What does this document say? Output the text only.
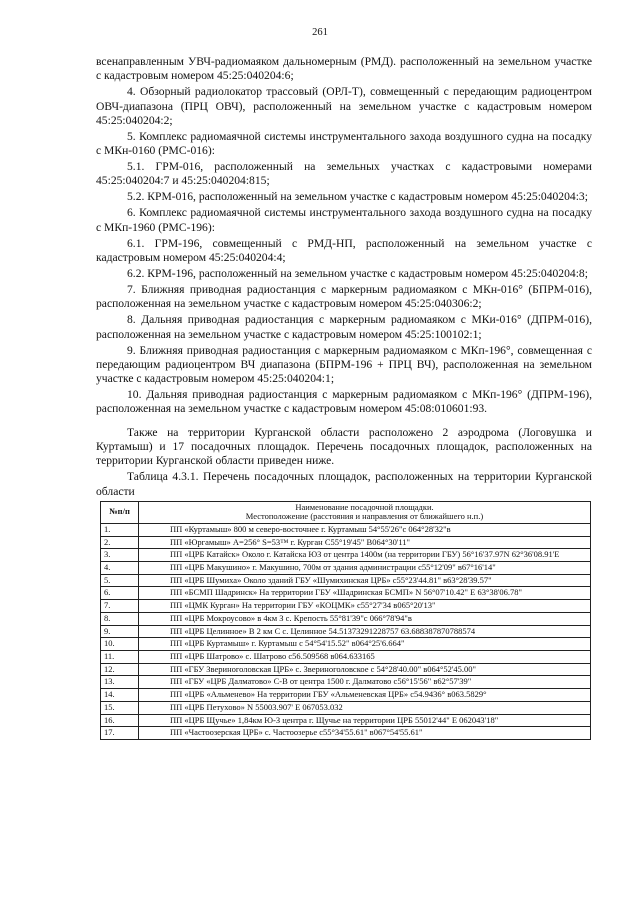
261

всенаправленным УВЧ-радиомаяком дальномерным (РМД). расположенный на земельном участке с кадастровым номером 45:25:040204:6;

4. Обзорный радиолокатор трассовый (ОРЛ-Т), совмещенный с передающим радиоцентром ОВЧ-диапазона (ПРЦ ОВЧ), расположенный на земельном участке с кадастровым номером 45:25:040204:2;

5. Комплекс радиомаячной системы инструментального захода воздушного судна на посадку с МКн-0160 (РМС-016):

5.1. ГРМ-016, расположенный на земельных участках с кадастровыми номерами 45:25:040204:7 и 45:25:040204:815;

5.2. КРМ-016, расположенный на земельном участке с кадастровым номером 45:25:040204:3;

6. Комплекс радиомаячной системы инструментального захода воздушного судна на посадку с МКп-1960 (РМС-196):

6.1. ГРМ-196, совмещенный с РМД-НП, расположенный на земельном участке с кадастровым номером 45:25:040204:4;

6.2. КРМ-196, расположенный на земельном участке с кадастровым номером 45:25:040204:8;

7. Ближняя приводная радиостанция с маркерным радиомаяком с МКн-016° (БПРМ-016), расположенная на земельном участке с кадастровым номером 45:25:040306:2;

8. Дальняя приводная радиостанция с маркерным радиомаяком с МКи-016° (ДПРМ-016), расположенная на земельном участке с кадастровым номером 45:25:100102:1;

9. Ближняя приводная радиостанция с маркерным радиомаяком с МКп-196°, совмещенная с передающим радиоцентром ВЧ диапазона (БПРМ-196 + ПРЦ ВЧ), расположенная на земельном участке с кадастровым номером 45:25:040204:1;

10. Дальняя приводная радиостанция с маркерным радиомаяком с МКп-196° (ДПРМ-196), расположенная на земельном участке с кадастровым номером 45:08:010601:93.

Также на территории Курганской области расположено 2 аэродрома (Логовушка и Куртамыш) и 17 посадочных площадок. Перечень посадочных площадок, расположенных на территории Курганской области приведен ниже.

Таблица 4.3.1. Перечень посадочных площадок, расположенных на территории Курганской области

№п/п	Наименование посадочной площадки.
Местоположение (расстояния и направления от ближайшего н.п.)

1.	ПП «Куртамыш» 800 м северо-восточнее г. Куртамыш 54°55'26"с 064°28'32"в
2.	ПП «Юргамыш» А=256° S=53™ г. Курган С55°19'45" В064°30'11"
3.	ПП «ЦРБ Катайск» Около г. Катайска ЮЗ от центра 1400м (на территории ГБУ) 56°16'37.97N 62°36'08.91'Е
4.	ПП «ЦРБ Макушино» г. Макушино, 700м от здания администрации с55°12'09" в67°16'14"
5.	ПП «ЦРБ Шумиха» Около зданий ГБУ «Шумихинская ЦРБ» с55°23'44.81" в63°28'39.57"
6.	ПП «БСМП Шадринск» На территории ГБУ «Шадринская БСМП» N 56°07'10.42" Е 63°38'06.78"
7.	ПП «ЦМК Курган» На территории ГБУ «КОЦМК» с55°27'34 в065°20'13"
8.	ПП «ЦРБ Мокроусово» в 4км З с. Крепость 55°81'39"с 066°78'94"в
9.	ПП «ЦРБ Целинное» В 2 км С с. Целинное 54.51373291228757 63.688387870788574
10.	ПП «ЦРБ Куртамыш» г. Куртамыш с 54°54'15.52" в064°25'6.664"
11.	ПП «ЦРБ Шатрово» с. Шатрово с56.509568 в064.633165
12.	ПП «ГБУ Звериноголовская ЦРБ» с. Звериноголовское с 54°28'40.00" в064°52'45.00"
13.	ПП «ГБУ «ЦРБ Далматово» С-В от центра 1500 г. Далматово с56°15'56" в62°57'39"
14.	ПП «ЦРБ «Альменево» На территории ГБУ «Альменевская ЦРБ» с54.9436° в063.5829°
15.	ПП «ЦРБ Петухово» N 55003.907' Е 067053.032
16.	ПП «ЦРБ Щучье» 1,84км Ю-З центра г. Щучье на территории ЦРБ 55012'44" Е 062043'18"
17.	ПП «Частоозерская ЦРБ» с. Частоозерье с55°34'55.61" в067°54'55.61"
